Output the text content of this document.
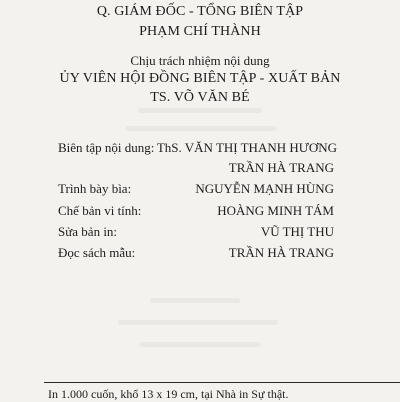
Q. GIÁM ĐỐC - TỔNG BIÊN TẬP
PHẠM CHÍ THÀNH
Chịu trách nhiệm nội dung
ỦY VIÊN HỘI ĐỒNG BIÊN TẬP - XUẤT BẢN
TS. VÕ VĂN BÉ
Biên tập nội dung: ThS. VĂN THỊ THANH HƯƠNG
TRẦN HÀ TRANG
Trình bày bìa:	NGUYỄN MẠNH HÙNG
Chế bản vi tính:	HOÀNG MINH TÁM
Sửa bản in:	VŨ THỊ THU
Đọc sách mẫu:	TRẦN HÀ TRANG
In 1.000 cuốn, khổ 13 x 19 cm, tại Nhà in Sự thật.
